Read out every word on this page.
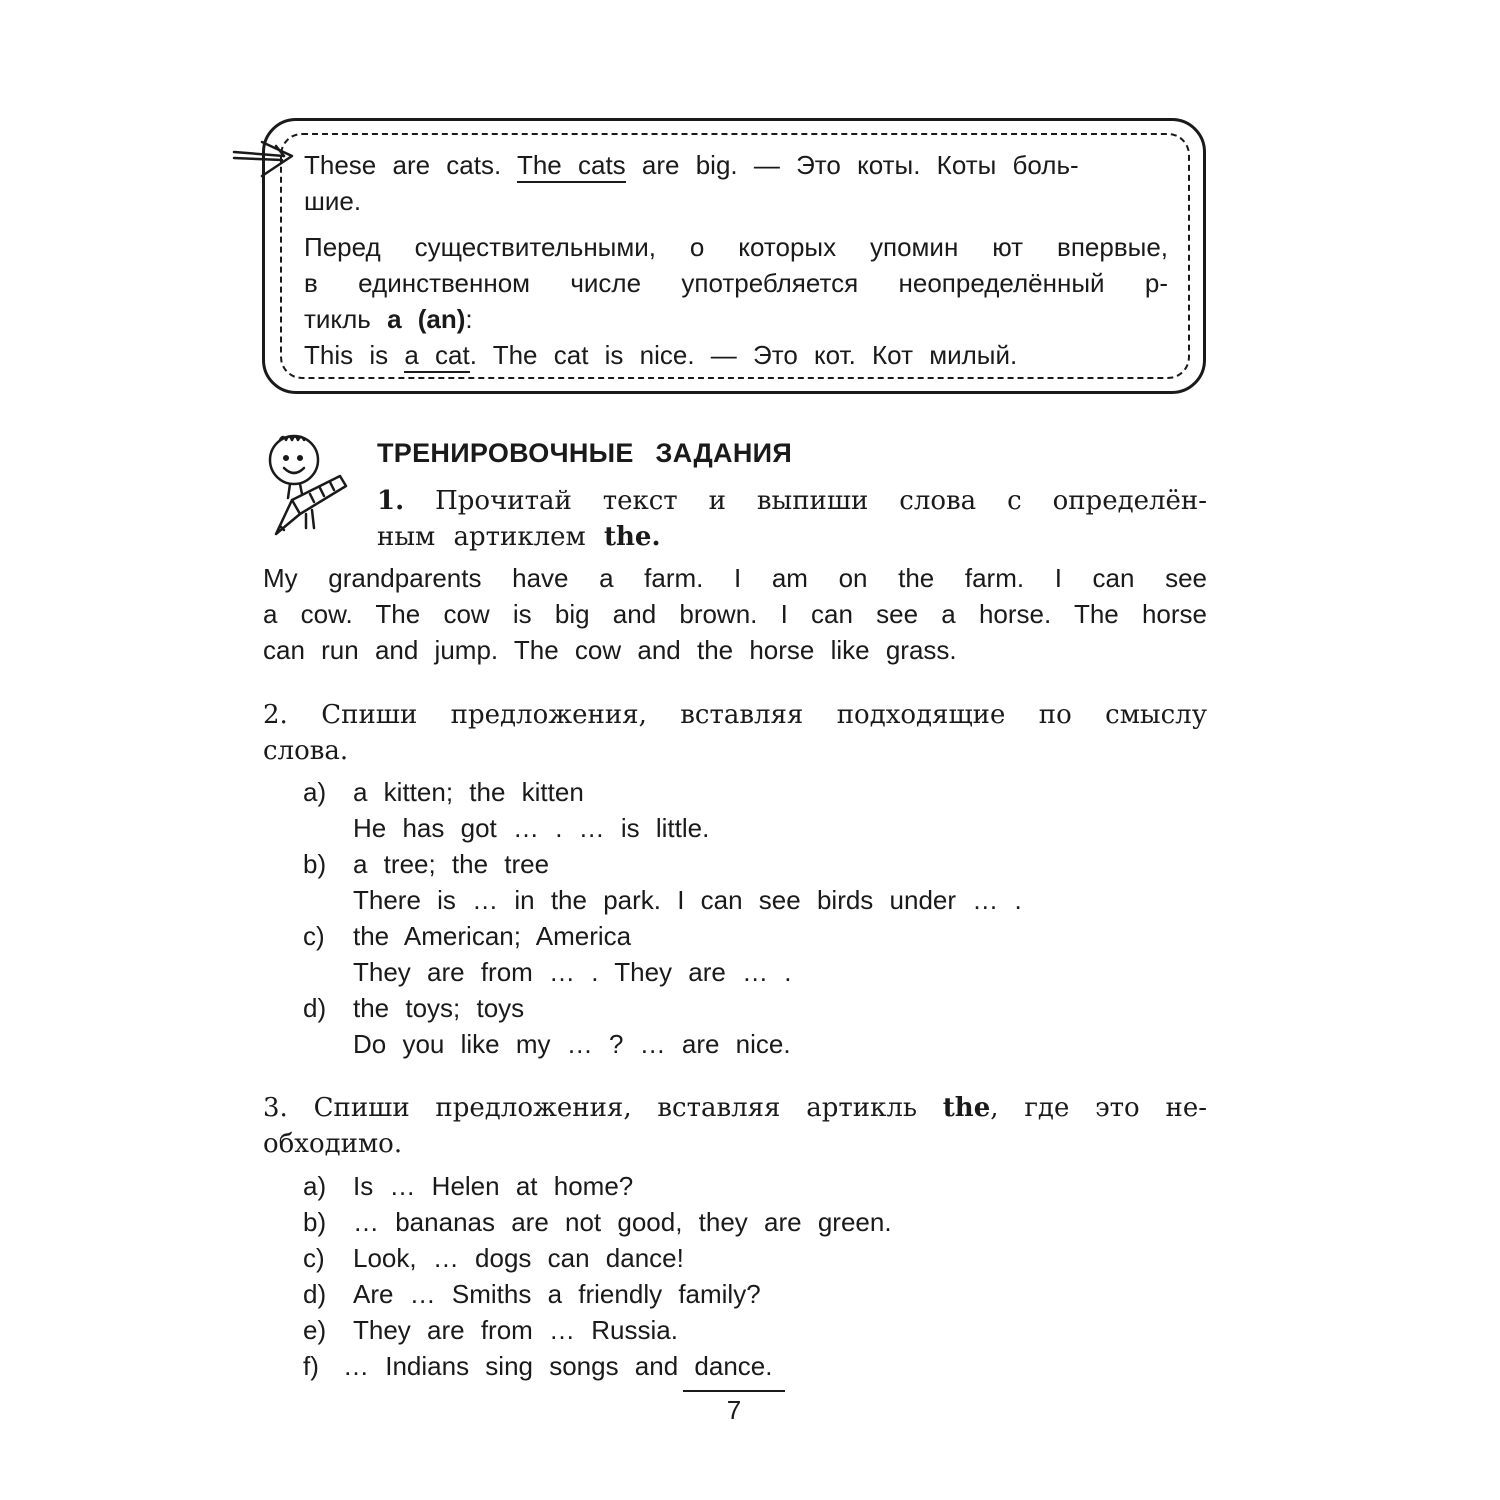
These are cats. The cats are big. — Это коты. Коты боль-
шие.
Перед существительными, о которых упомин ют впервые,
в единственном числе употребляется неопределённый р-
тикль a (an):
This is a cat. The cat is nice. — Это кот. Кот милый.
ТРЕНИРОВОЧНЫЕ ЗАДАНИЯ
1. Прочитай текст и выпиши слова с определён-
ным артиклем the.
My grandparents have a farm. I am on the farm. I can see
a cow. The cow is big and brown. I can see a horse. The horse
can run and jump. The cow and the horse like grass.
2. Спиши предложения, вставляя подходящие по смыслу
слова.
a) a kitten; the kitten
He has got … . … is little.
b) a tree; the tree
There is … in the park. I can see birds under … .
c) the American; America
They are from … . They are … .
d) the toys; toys
Do you like my … ? … are nice.
3. Спиши предложения, вставляя артикль the, где это не-
обходимо.
a) Is … Helen at home?
b) … bananas are not good, they are green.
c) Look, … dogs can dance!
d) Are … Smiths a friendly family?
e) They are from … Russia.
f) … Indians sing songs and dance.
7
